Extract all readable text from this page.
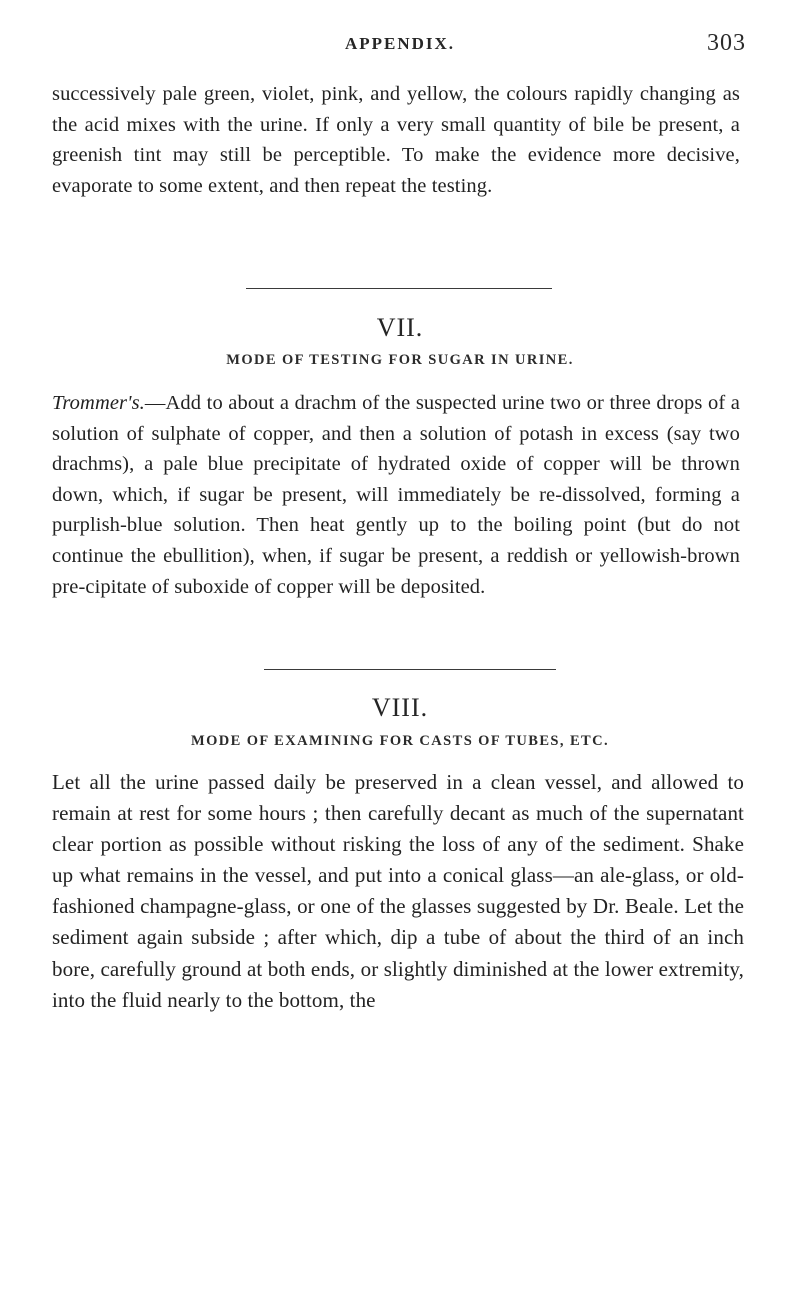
APPENDIX.	303

successively pale green, violet, pink, and yellow, the colours rapidly changing as the acid mixes with the urine. If only a very small quantity of bile be present, a greenish tint may still be perceptible. To make the evidence more decisive, evaporate to some extent, and then repeat the testing.

VII.
MODE OF TESTING FOR SUGAR IN URINE.

Trommer's.—Add to about a drachm of the suspected urine two or three drops of a solution of sulphate of copper, and then a solution of potash in excess (say two drachms), a pale blue precipitate of hydrated oxide of copper will be thrown down, which, if sugar be present, will immediately be re-dissolved, forming a purplish-blue solution. Then heat gently up to the boiling point (but do not continue the ebullition), when, if sugar be present, a reddish or yellowish-brown pre-cipitate of suboxide of copper will be deposited.

VIII.
MODE OF EXAMINING FOR CASTS OF TUBES, ETC.

Let all the urine passed daily be preserved in a clean vessel, and allowed to remain at rest for some hours ; then carefully decant as much of the supernatant clear portion as possible without risking the loss of any of the sediment. Shake up what remains in the vessel, and put into a conical glass—an ale-glass, or old-fashioned champagne-glass, or one of the glasses suggested by Dr. Beale. Let the sediment again subside ; after which, dip a tube of about the third of an inch bore, carefully ground at both ends, or slightly diminished at the lower extremity, into the fluid nearly to the bottom, the
